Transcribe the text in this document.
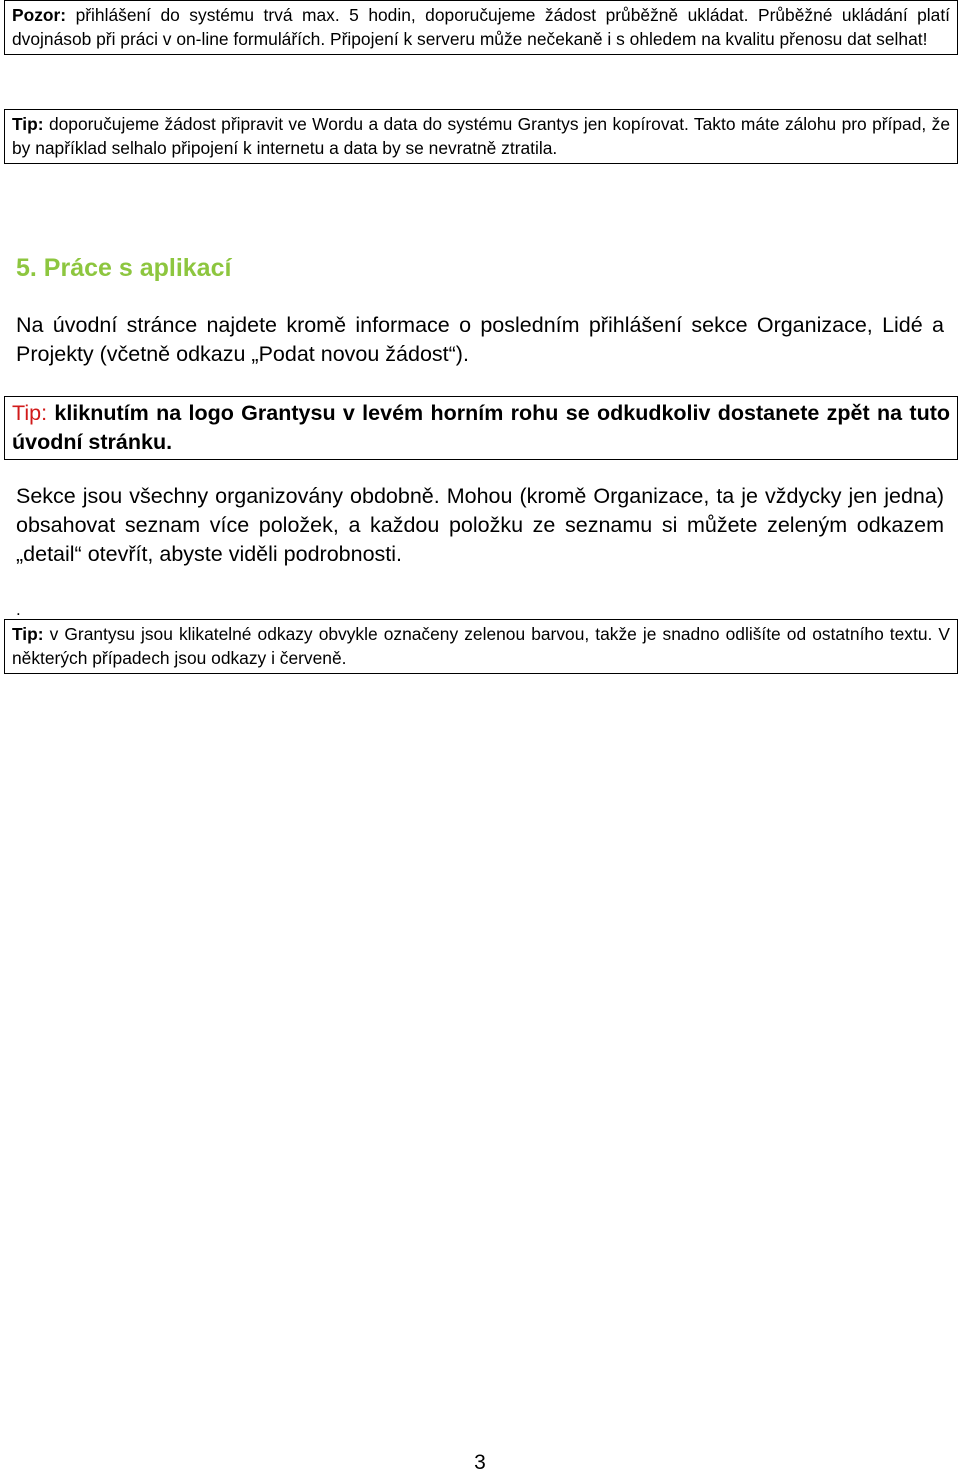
Pozor: přihlášení do systému trvá max. 5 hodin, doporučujeme žádost průběžně ukládat. Průběžné ukládání platí dvojnásob při práci v on-line formulářích. Připojení k serveru může nečekaně i s ohledem na kvalitu přenosu dat selhat!

Tip: doporučujeme žádost připravit ve Wordu a data do systému Grantys jen kopírovat. Takto máte zálohu pro případ, že by například selhalo připojení k internetu a data by se nevratně ztratila.

5. Práce s aplikací

Na úvodní stránce najdete kromě informace o posledním přihlášení sekce Organizace, Lidé a Projekty (včetně odkazu „Podat novou žádost“).

Tip: kliknutím na logo Grantysu v levém horním rohu se odkudkoliv dostanete zpět na tuto úvodní stránku.

Sekce jsou všechny organizovány obdobně. Mohou (kromě Organizace, ta je vždycky jen jedna) obsahovat seznam více položek, a každou položku ze seznamu si můžete zeleným odkazem „detail“ otevřít, abyste viděli podrobnosti.

.

Tip: v Grantysu jsou klikatelné odkazy obvykle označeny zelenou barvou, takže je snadno odlišíte od ostatního textu. V některých případech jsou odkazy i červeně.

3
